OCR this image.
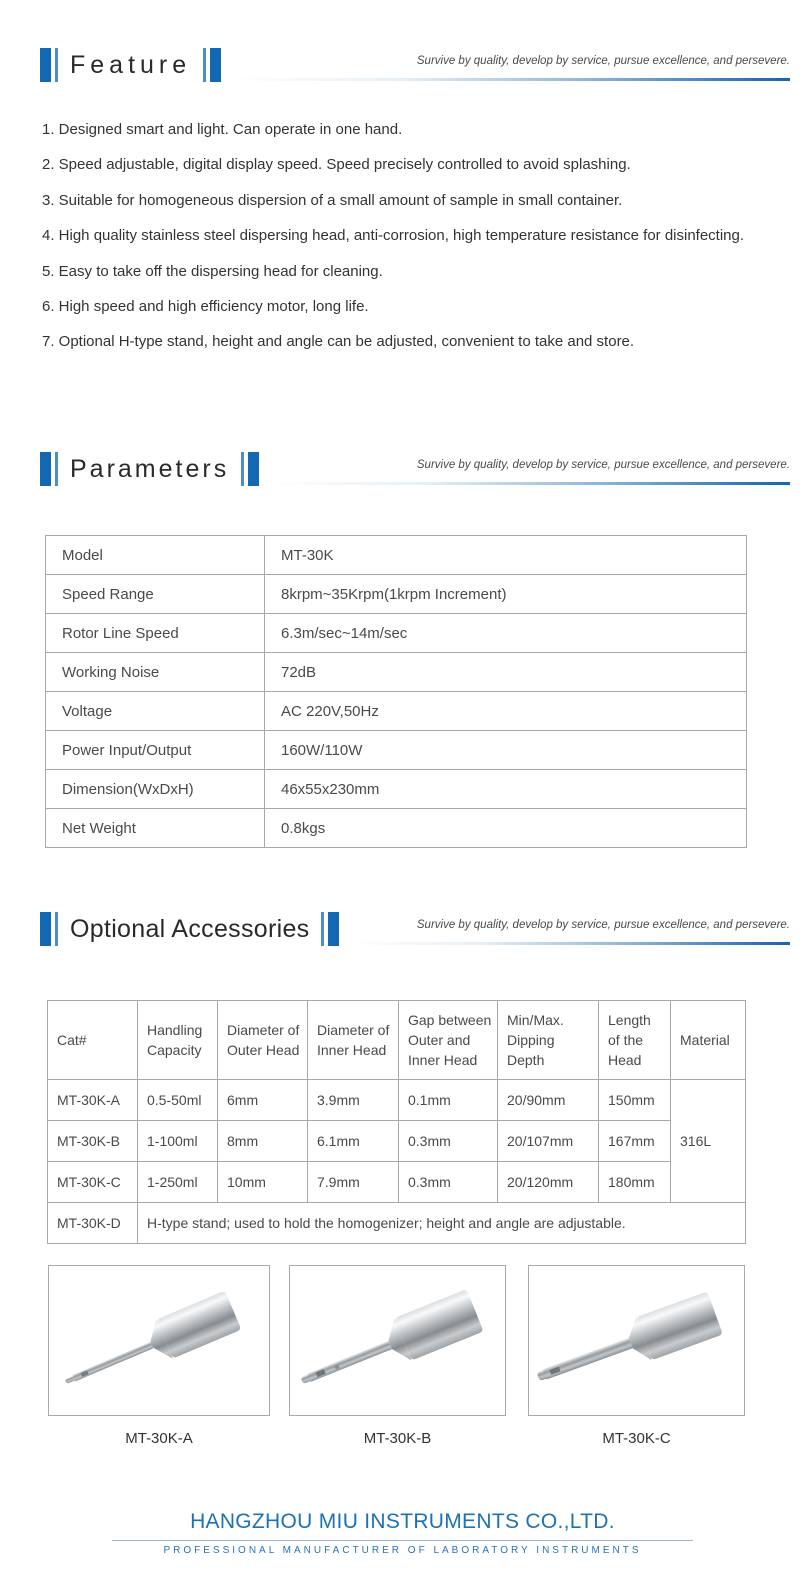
Feature	Survive by quality, develop by service, pursue excellence, and persevere.
1. Designed smart and light. Can operate in one hand.
2. Speed adjustable, digital display speed. Speed precisely controlled to avoid splashing.
3. Suitable for homogeneous dispersion of a small amount of sample in small container.
4. High quality stainless steel dispersing head, anti-corrosion, high temperature resistance for disinfecting.
5. Easy to take off the dispersing head for cleaning.
6. High speed and high efficiency motor, long life.
7. Optional H-type stand, height and angle can be adjusted, convenient to take and store.
Parameters	Survive by quality, develop by service, pursue excellence, and persevere.
Model	MT-30K
Speed Range	8krpm~35Krpm(1krpm Increment)
Rotor Line Speed	6.3m/sec~14m/sec
Working Noise	72dB
Voltage	AC 220V,50Hz
Power Input/Output	160W/110W
Dimension(WxDxH)	46x55x230mm
Net Weight	0.8kgs
Optional Accessories	Survive by quality, develop by service, pursue excellence, and persevere.
Cat#	Handling Capacity	Diameter of Outer Head	Diameter of Inner Head	Gap between Outer and Inner Head	Min/Max. Dipping Depth	Length of the Head	Material
MT-30K-A	0.5-50ml	6mm	3.9mm	0.1mm	20/90mm	150mm	316L
MT-30K-B	1-100ml	8mm	6.1mm	0.3mm	20/107mm	167mm	
MT-30K-C	1-250ml	10mm	7.9mm	0.3mm	20/120mm	180mm	
MT-30K-D	H-type stand; used to hold the homogenizer; height and angle are adjustable.						
MT-30K-A	MT-30K-B	MT-30K-C
HANGZHOU MIU INSTRUMENTS CO.,LTD.
PROFESSIONAL MANUFACTURER OF LABORATORY INSTRUMENTS
